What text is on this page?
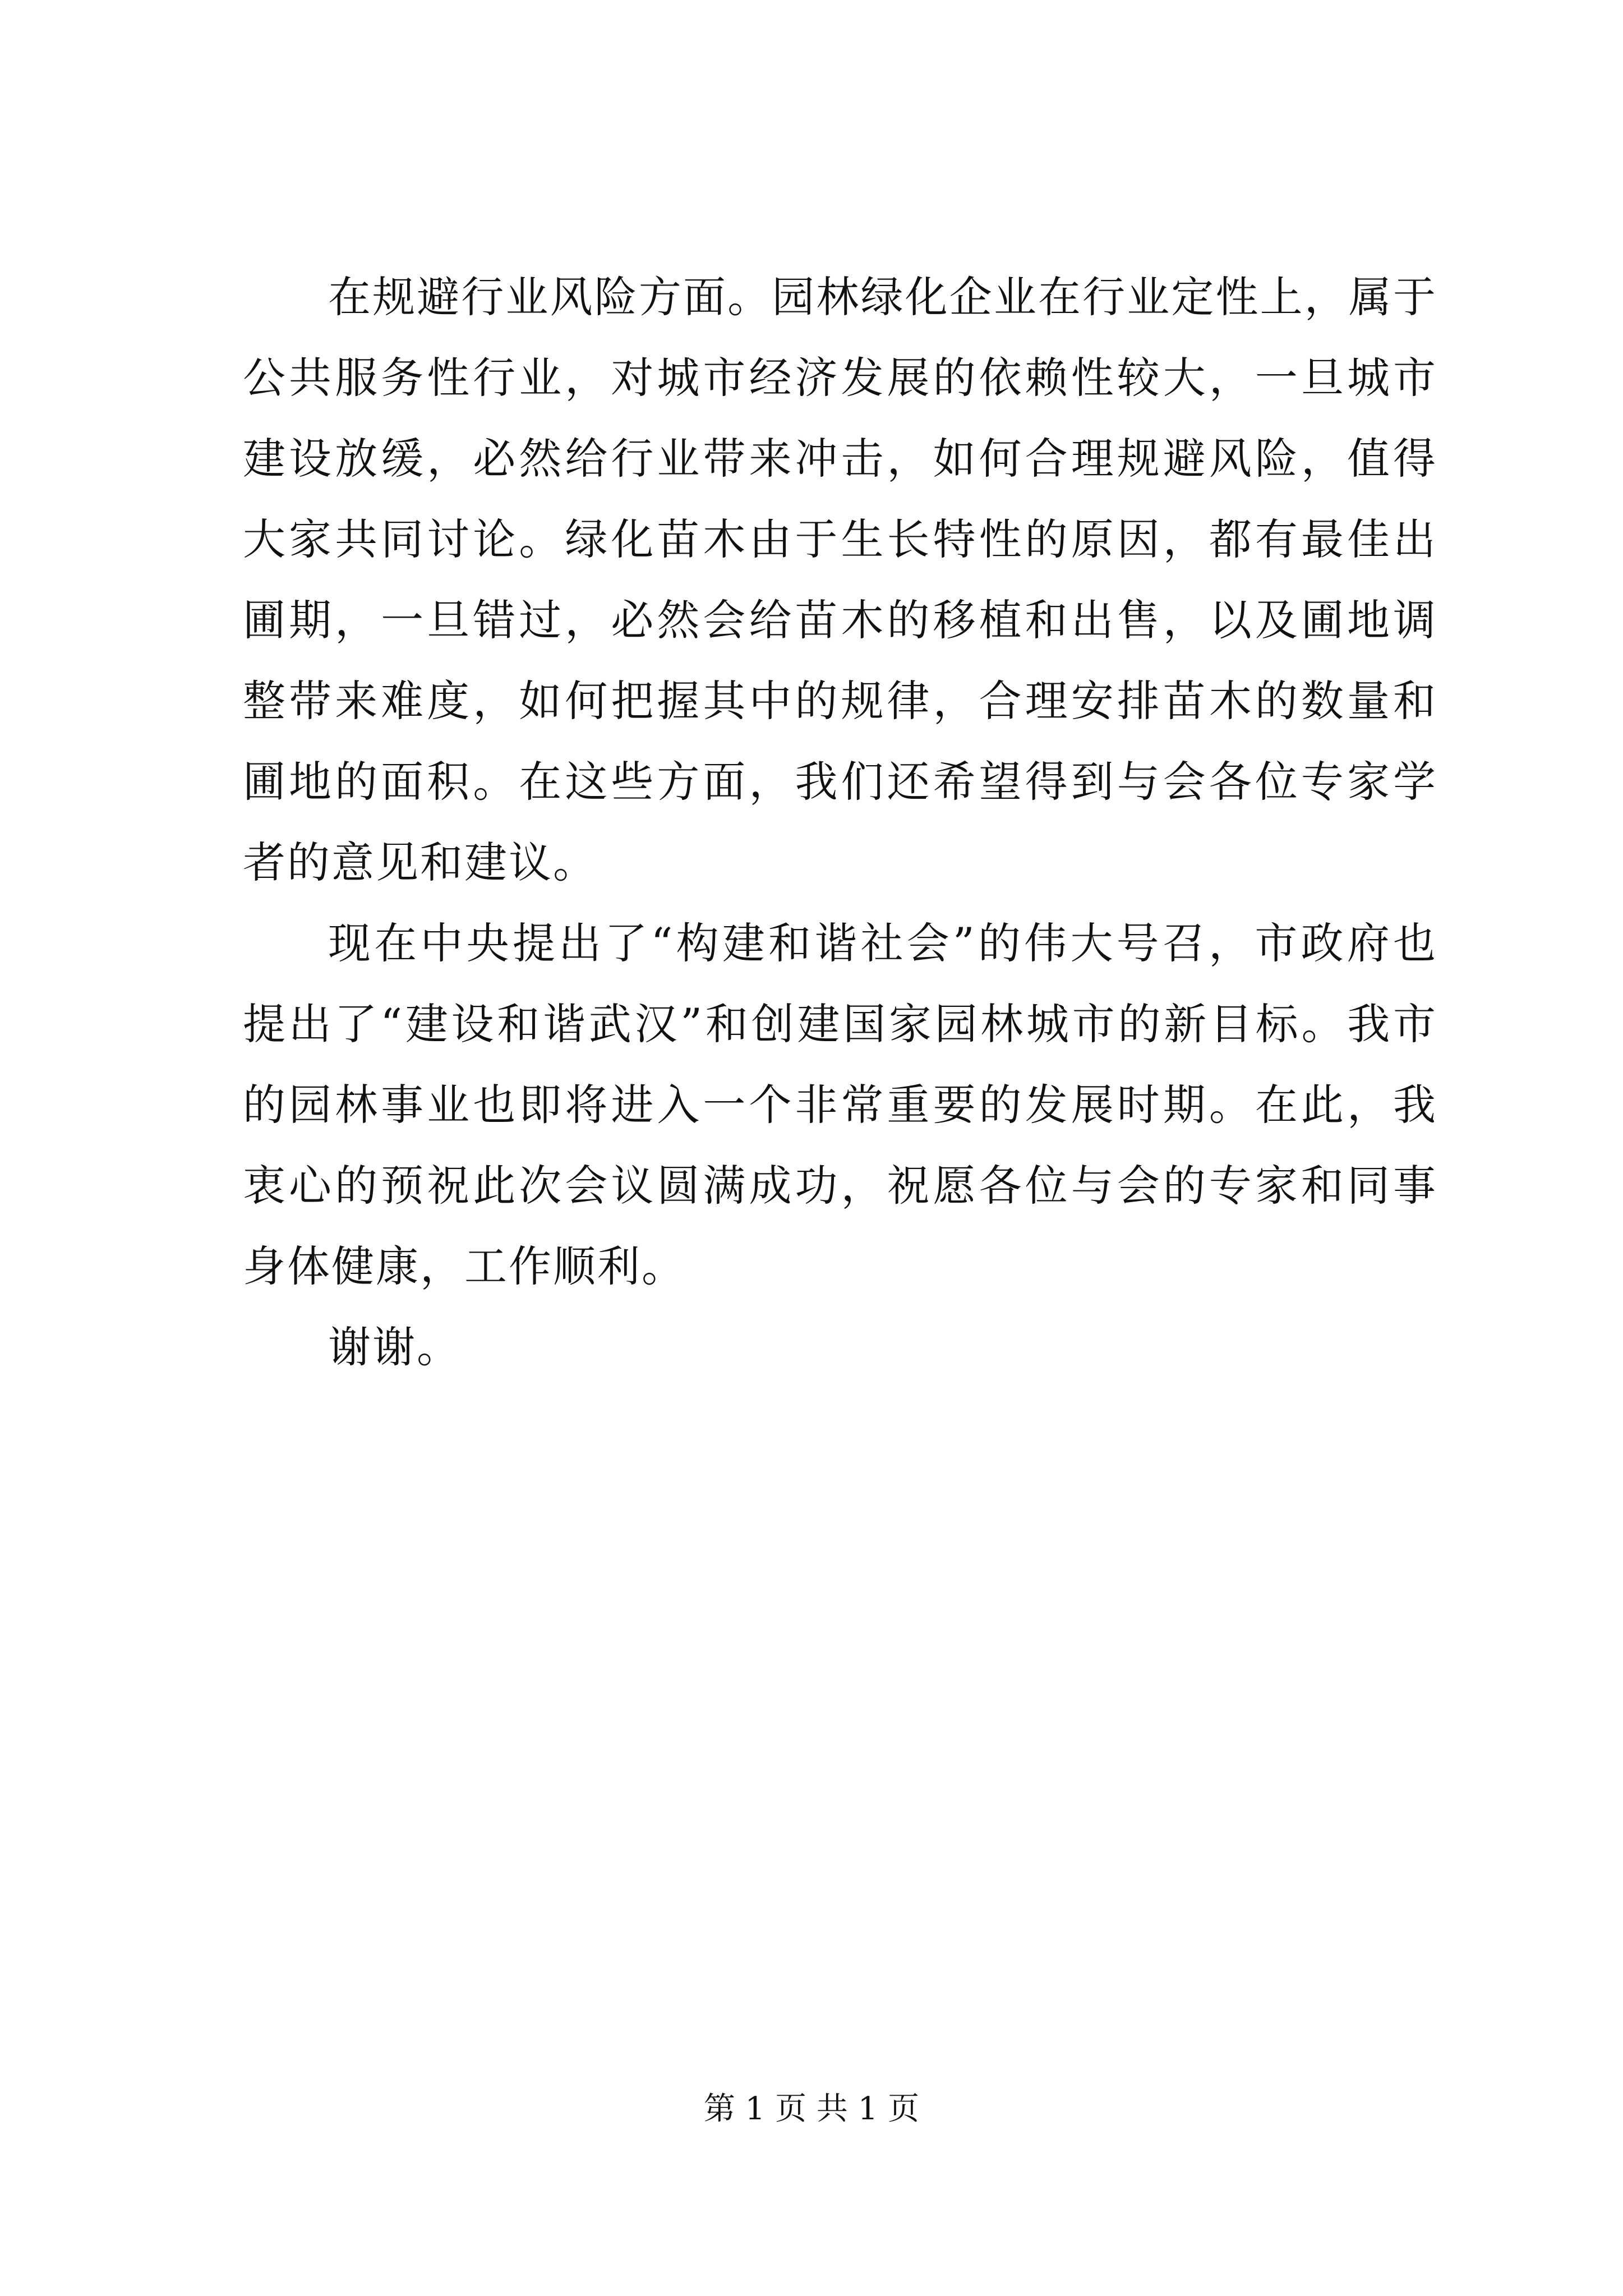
在规避行业风险方面。园林绿化企业在行业定性上，属于公共服务性行业，对城市经济发展的依赖性较大，一旦城市建设放缓，必然给行业带来冲击，如何合理规避风险，值得大家共同讨论。绿化苗木由于生长特性的原因，都有最佳出圃期，一旦错过，必然会给苗木的移植和出售，以及圃地调整带来难度，如何把握其中的规律，合理安排苗木的数量和圃地的面积。在这些方面，我们还希望得到与会各位专家学者的意见和建议。

现在中央提出了“构建和谐社会”的伟大号召，市政府也提出了“建设和谐武汉”和创建国家园林城市的新目标。我市的园林事业也即将进入一个非常重要的发展时期。在此，我衷心的预祝此次会议圆满成功，祝愿各位与会的专家和同事身体健康，工作顺利。

谢谢。

第 1 页 共 1 页
